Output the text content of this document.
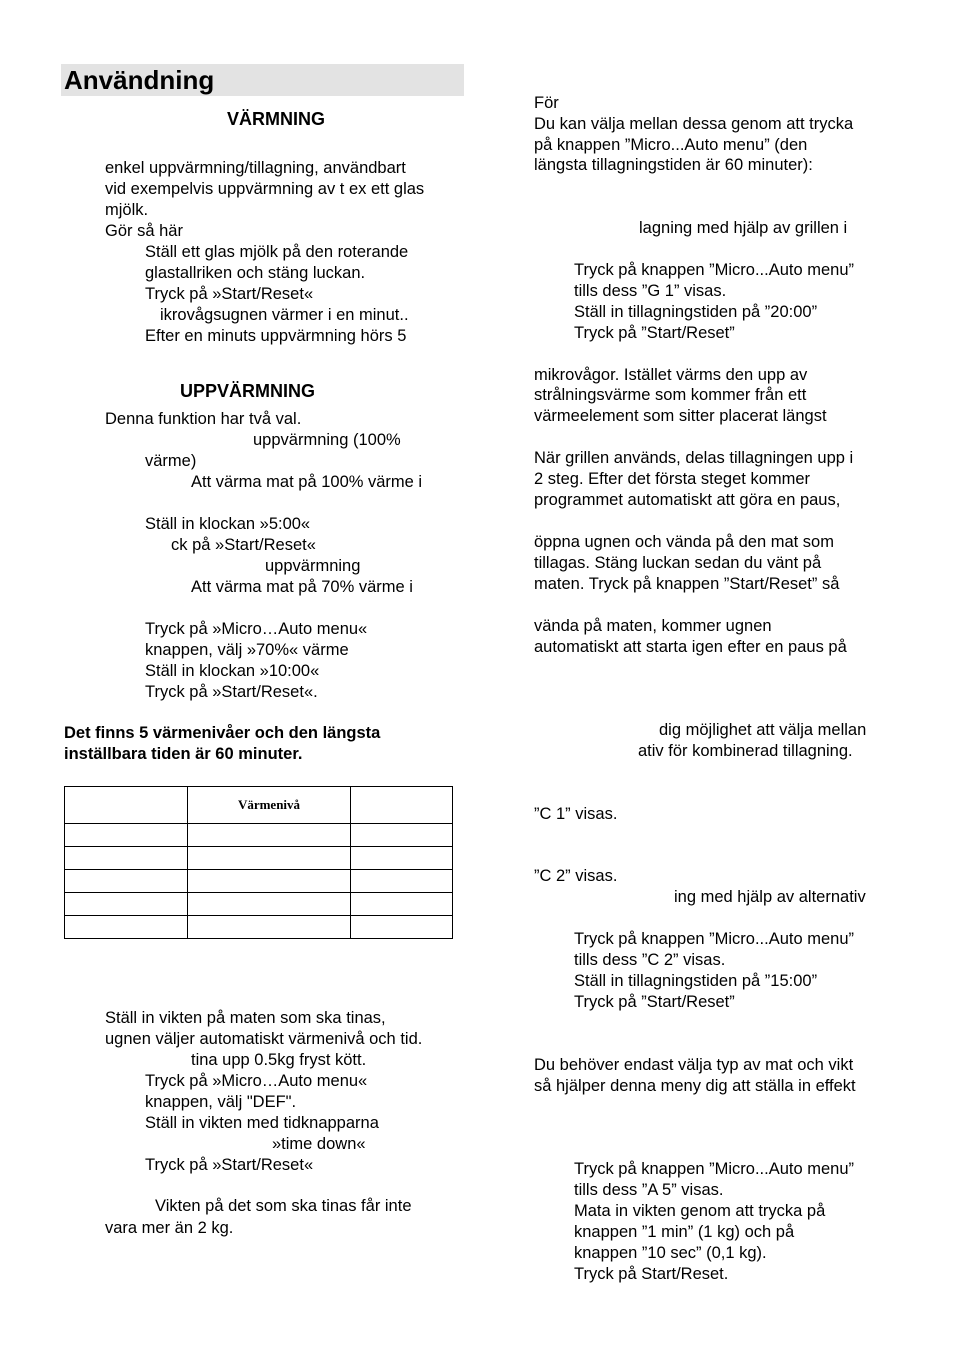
Användning
VÄRMNING
enkel uppvärmning/tillagning, användbart
vid exempelvis uppvärmning av t ex ett glas
mjölk.
Gör så här
Ställ ett glas mjölk på den roterande
glastallriken och stäng luckan.
Tryck på »Start/Reset«
ikrovågsugnen värmer i en minut..
Efter en minuts uppvärmning hörs 5
UPPVÄRMNING
Denna funktion har två val.
uppvärmning (100%
värme)
Att värma mat på 100% värme i
Ställ in klockan »5:00«
ck på »Start/Reset«
uppvärmning
Att värma mat på 70% värme i
Tryck på »Micro…Auto menu«
knappen, välj »70%« värme
Ställ in klockan »10:00«
Tryck på »Start/Reset«.
Det finns 5 värmenivåer och den längsta
inställbara tiden är 60 minuter.
	Värmenivå	

Ställ in vikten på maten som ska tinas,
ugnen väljer automatiskt värmenivå och tid.
tina upp 0.5kg fryst kött.
Tryck på »Micro…Auto menu«
knappen, välj "DEF".
Ställ in vikten med tidknapparna
»time down«
Tryck på »Start/Reset«
Vikten på det som ska tinas får inte
vara mer än 2 kg.
För
Du kan välja mellan dessa genom att trycka
på knappen ”Micro...Auto menu” (den
längsta tillagningstiden är 60 minuter):
lagning med hjälp av grillen i
Tryck på knappen ”Micro...Auto menu”
tills dess ”G 1” visas.
Ställ in tillagningstiden på ”20:00”
Tryck på ”Start/Reset”
mikrovågor. Istället värms den upp av
strålningsvärme som kommer från ett
värmeelement som sitter placerat längst
När grillen används, delas tillagningen upp i
2 steg. Efter det första steget kommer
programmet automatiskt att göra en paus,
öppna ugnen och vända på den mat som
tillagas. Stäng luckan sedan du vänt på
maten. Tryck på knappen ”Start/Reset” så
vända på maten, kommer ugnen
automatiskt att starta igen efter en paus på
dig möjlighet att välja mellan
ativ för kombinerad tillagning.
”C 1” visas.
”C 2” visas.
ing med hjälp av alternativ
Tryck på knappen ”Micro...Auto menu”
tills dess ”C 2” visas.
Ställ in tillagningstiden på ”15:00”
Tryck på ”Start/Reset”
Du behöver endast välja typ av mat och vikt
så hjälper denna meny dig att ställa in effekt
Tryck på knappen ”Micro...Auto menu”
tills dess ”A 5” visas.
Mata in vikten genom att trycka på
knappen ”1 min” (1 kg) och på
knappen ”10 sec” (0,1 kg).
Tryck på Start/Reset.
